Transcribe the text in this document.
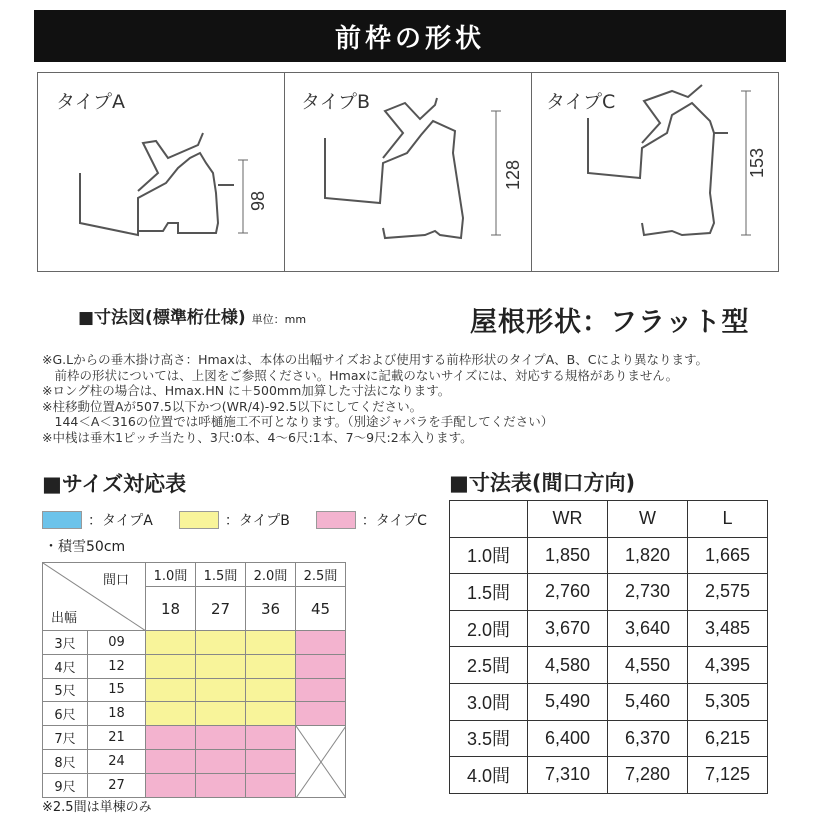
前枠の形状
タイプA
98
タイプB
128
タイプC
153
■寸法図(標準桁仕様) 単位：mm	屋根形状：フラット型
※G.Lからの垂木掛け高さ：Hmaxは、本体の出幅サイズおよび使用する前枠形状のタイプA、B、Cにより異なります。
　前枠の形状については、上図をご参照ください。Hmaxに記載のないサイズには、対応する規格がありません。
※ロング柱の場合は、Hmax.HN に＋500mm加算した寸法になります。
※柱移動位置Aが507.5以下かつ(WR/4)-92.5以下にしてください。
　144＜A＜316の位置では呼樋施工不可となります。（別途ジャバラを手配してください）
※中桟は垂木1ピッチ当たり、3尺:0本、4〜6尺:1本、7〜9尺:2本入ります。
■サイズ対応表
：タイプA	：タイプB	：タイプC
・積雪50cm
間口
出幅		1.0間	1.5間	2.0間	2.5間
		18	27	36	45
3尺	09				
4尺	12				
5尺	15				
6尺	18				
7尺	21				

8尺	24				
9尺	27				
※2.5間は単棟のみ
■寸法表(間口方向)
	WR	W	L
1.0間	1,850	1,820	1,665
1.5間	2,760	2,730	2,575
2.0間	3,670	3,640	3,485
2.5間	4,580	4,550	4,395
3.0間	5,490	5,460	5,305
3.5間	6,400	6,370	6,215
4.0間	7,310	7,280	7,125
